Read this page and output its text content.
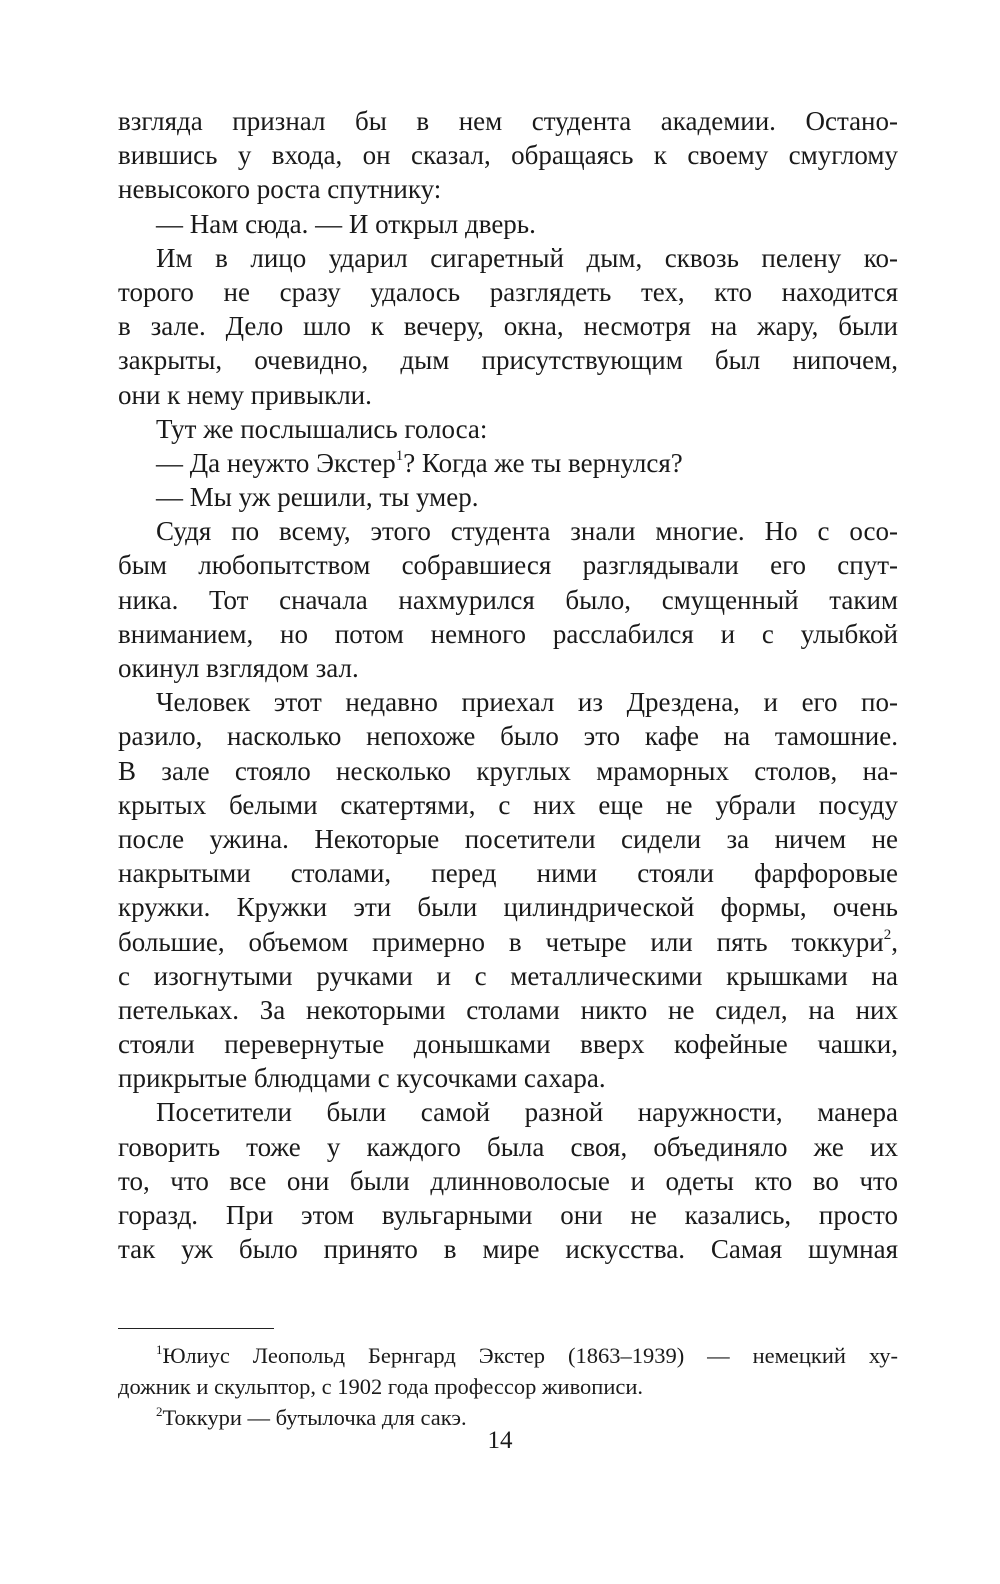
взгляда признал бы в нем студента академии. Остано-
вившись у входа, он сказал, обращаясь к своему смуглому
невысокого роста спутнику:
— Нам сюда. — И открыл дверь.
Им в лицо ударил сигаретный дым, сквозь пелену ко-
торого не сразу удалось разглядеть тех, кто находится
в зале. Дело шло к вечеру, окна, несмотря на жару, были
закрыты, очевидно, дым присутствующим был нипочем,
они к нему привыкли.
Тут же послышались голоса:
— Да неужто Экстер$^1$? Когда же ты вернулся?
— Мы уж решили, ты умер.
Судя по всему, этого студента знали многие. Но с осо-
бым любопытством собравшиеся разглядывали его спут-
ника. Тот сначала нахмурился было, смущенный таким
вниманием, но потом немного расслабился и с улыбкой
окинул взглядом зал.
Человек этот недавно приехал из Дрездена, и его по-
разило, насколько непохоже было это кафе на тамошние.
В зале стояло несколько круглых мраморных столов, на-
крытых белыми скатертями, с них еще не убрали посуду
после ужина. Некоторые посетители сидели за ничем не
накрытыми столами, перед ними стояли фарфоровые
кружки. Кружки эти были цилиндрической формы, очень
большие, объемом примерно в четыре или пять токкури$^2$,
с изогнутыми ручками и с металлическими крышками на
петельках. За некоторыми столами никто не сидел, на них
стояли перевернутые донышками вверх кофейные чашки,
прикрытые блюдцами с кусочками сахара.
Посетители были самой разной наружности, манера
говорить тоже у каждого была своя, объединяло же их
то, что все они были длинноволосые и одеты кто во что
горазд. При этом вульгарными они не казались, просто
так уж было принято в мире искусства. Самая шумная
$^1$Юлиус Леопольд Бернгард Экстер (1863–1939) — немецкий ху-
дожник и скульптор, с 1902 года профессор живописи.
$^2$Токкури — бутылочка для сакэ.
14
